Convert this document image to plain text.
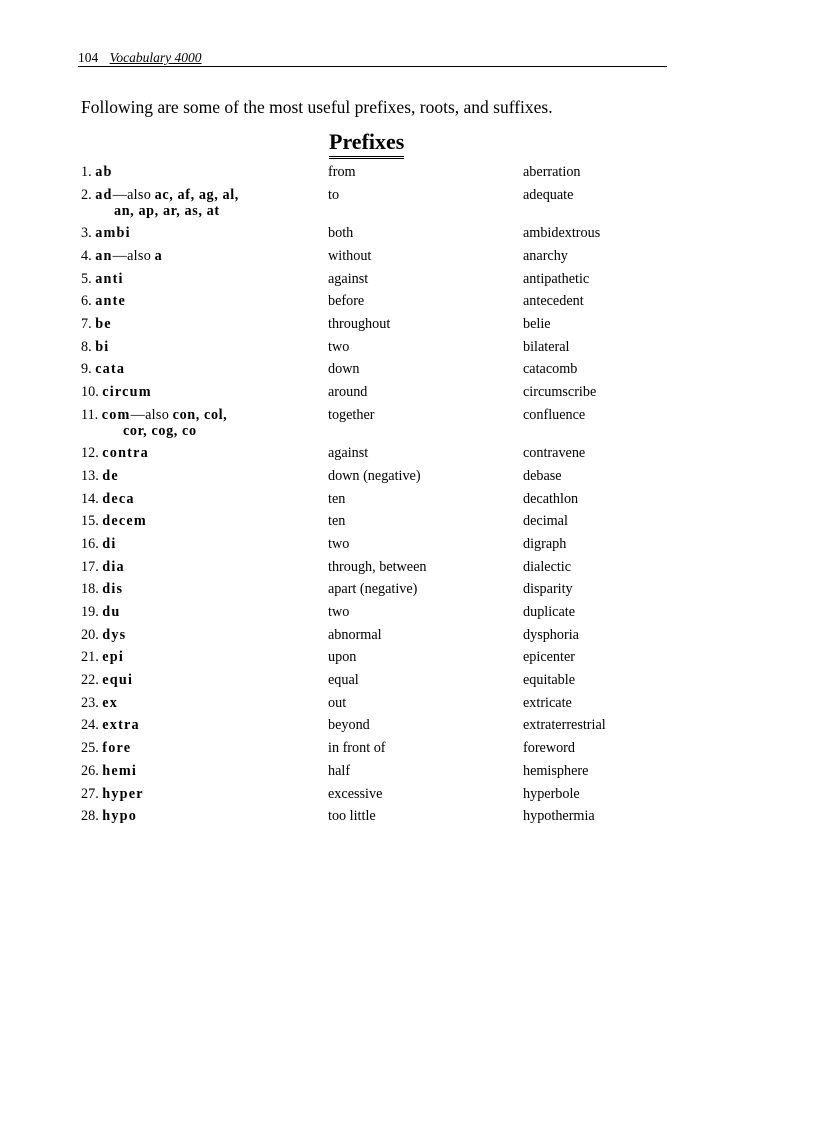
104 Vocabulary 4000
Following are some of the most useful prefixes, roots, and suffixes.
Prefixes
1. ab	from	aberration
2. ad—also ac, af, ag, al,
an, ap, ar, as, at
to	adequate
3. ambi	both	ambidextrous
4. an—also a	without	anarchy
5. anti	against	antipathetic
6. ante	before	antecedent
7. be	throughout	belie
8. bi	two	bilateral
9. cata	down	catacomb
10. circum	around	circumscribe
11. com—also con, col,
cor, cog, co
together	confluence
12. contra	against	contravene
13. de	down (negative)	debase
14. deca	ten	decathlon
15. decem	ten	decimal
16. di	two	digraph
17. dia	through, between	dialectic
18. dis	apart (negative)	disparity
19. du	two	duplicate
20. dys	abnormal	dysphoria
21. epi	upon	epicenter
22. equi	equal	equitable
23. ex	out	extricate
24. extra	beyond	extraterrestrial
25. fore	in front of	foreword
26. hemi	half	hemisphere
27. hyper	excessive	hyperbole
28. hypo	too little	hypothermia
